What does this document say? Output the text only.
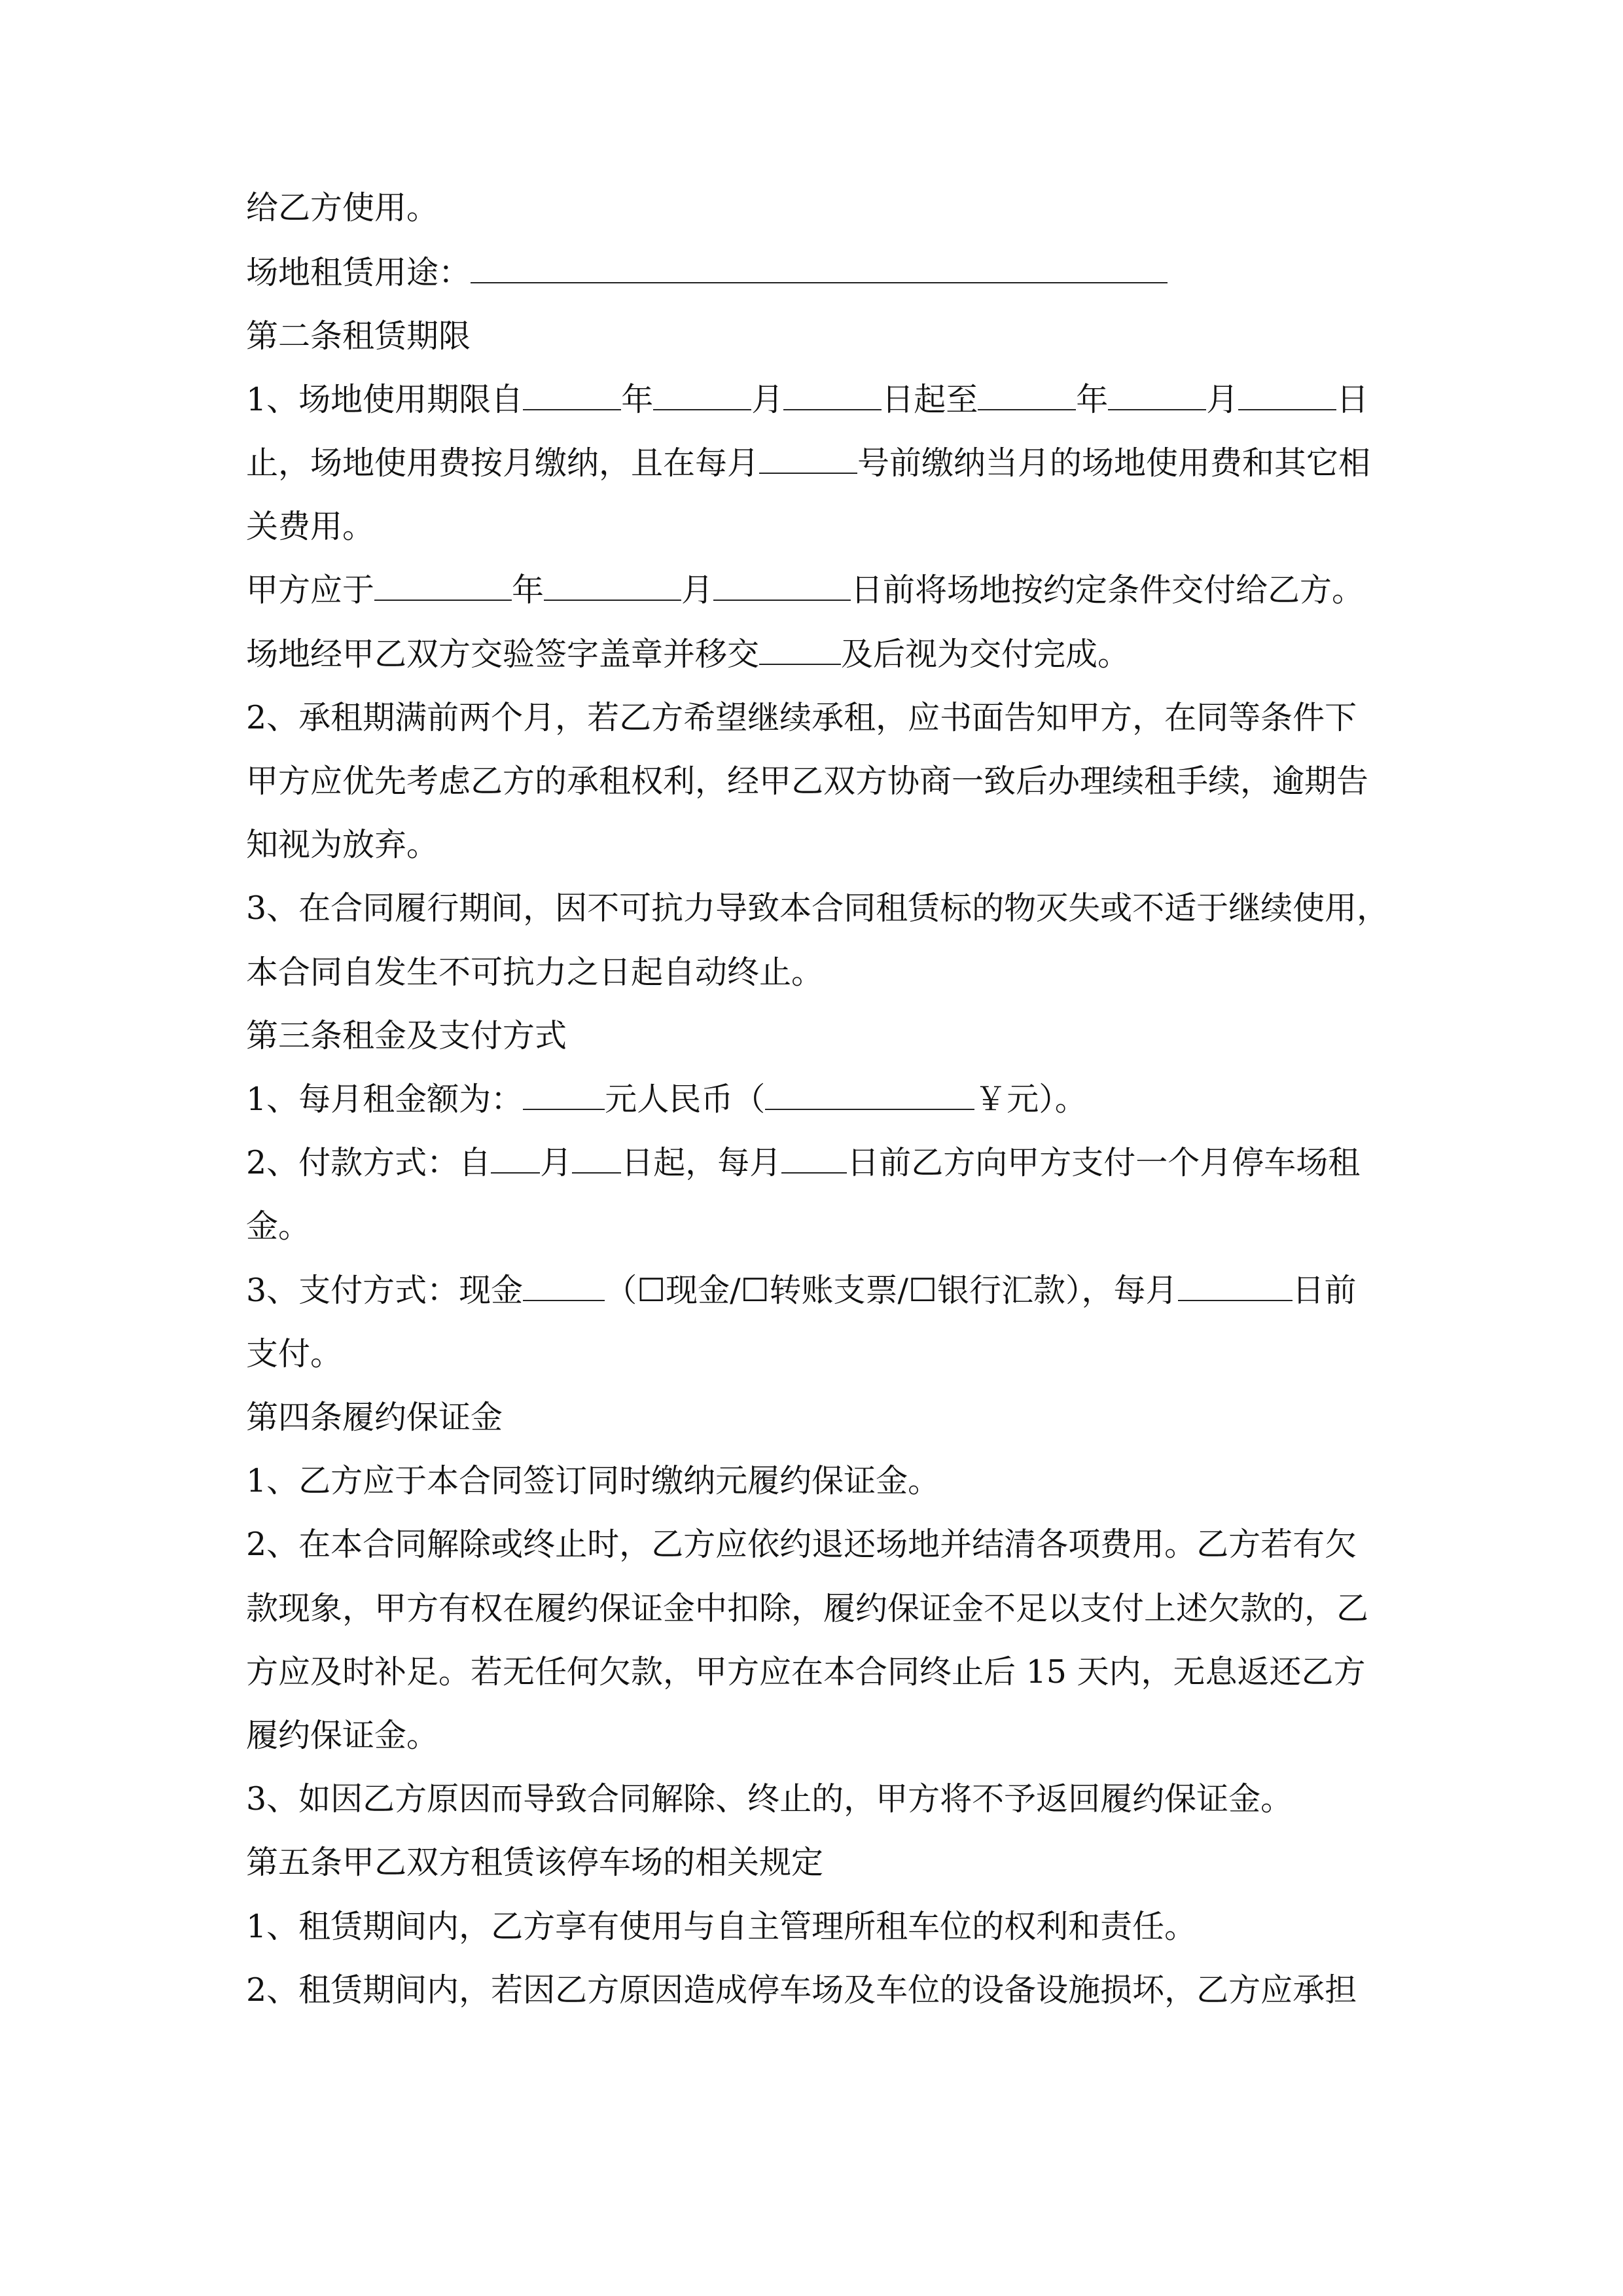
给乙方使用。
场地租赁用途：
第二条租赁期限
1、场地使用期限自	年	月	日起至	年	月	日
止，场地使用费按月缴纳，且在每月	号前缴纳当月的场地使用费和其它相
关费用。
甲方应于	年	月	日前将场地按约定条件交付给乙方。
场地经甲乙双方交验签字盖章并移交	及后视为交付完成。
2、承租期满前两个月，若乙方希望继续承租，应书面告知甲方，在同等条件下
甲方应优先考虑乙方的承租权利，经甲乙双方协商一致后办理续租手续，逾期告
知视为放弃。
3、在合同履行期间，因不可抗力导致本合同租赁标的物灭失或不适于继续使用，
本合同自发生不可抗力之日起自动终止。
第三条租金及支付方式
1、每月租金额为：	元人民币（	￥元）。
2、付款方式：自 月 日起，每月 日前乙方向甲方支付一个月停车场租
金。
3、支付方式：现金	（☐现金/☐转账支票/☐银行汇款），每月	日前
支付。
第四条履约保证金
1、乙方应于本合同签订同时缴纳元履约保证金。
2、在本合同解除或终止时，乙方应依约退还场地并结清各项费用。乙方若有欠
款现象，甲方有权在履约保证金中扣除，履约保证金不足以支付上述欠款的，乙
方应及时补足。若无任何欠款，甲方应在本合同终止后 15 天内，无息返还乙方
履约保证金。
3、如因乙方原因而导致合同解除、终止的，甲方将不予返回履约保证金。
第五条甲乙双方租赁该停车场的相关规定
1、租赁期间内，乙方享有使用与自主管理所租车位的权利和责任。
2、租赁期间内，若因乙方原因造成停车场及车位的设备设施损坏，乙方应承担
